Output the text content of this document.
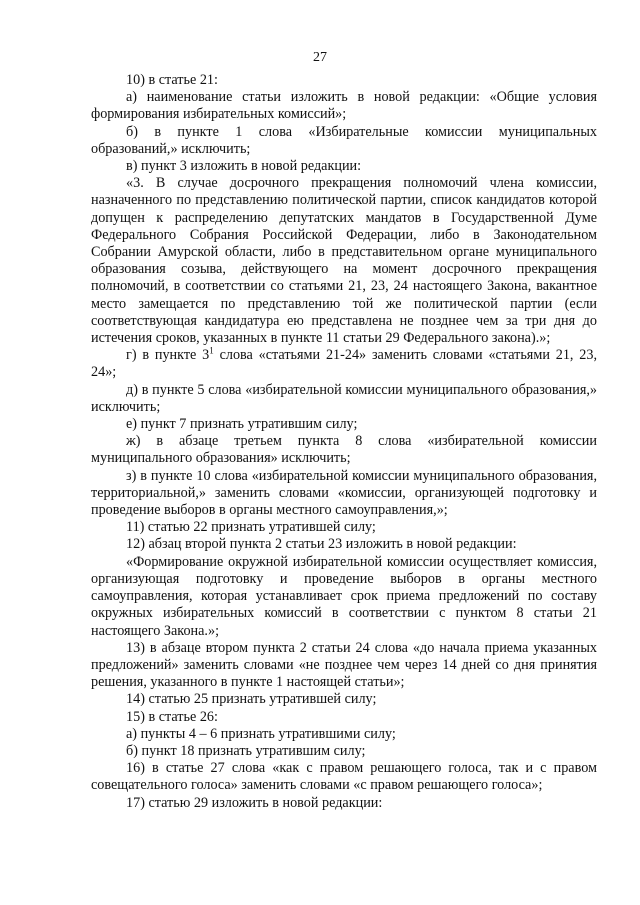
27

10) в статье 21:

а) наименование статьи изложить в новой редакции: «Общие условия формирования избирательных комиссий»;

б) в пункте 1 слова «Избирательные комиссии муниципальных образований,» исключить;

в) пункт 3 изложить в новой редакции:

«3. В случае досрочного прекращения полномочий члена комиссии, назначенного по представлению политической партии, список кандидатов которой допущен к распределению депутатских мандатов в Государственной Думе Федерального Собрания Российской Федерации, либо в Законодательном Собрании Амурской области, либо в представительном органе муниципального образования созыва, действующего на момент досрочного прекращения полномочий, в соответствии со статьями 21, 23, 24 настоящего Закона, вакантное место замещается по представлению той же политической партии (если соответствующая кандидатура ею представлена не позднее чем за три дня до истечения сроков, указанных в пункте 11 статьи 29 Федерального закона).»;

г) в пункте $3^1$ слова «статьями 21-24» заменить словами «статьями 21, 23, 24»;

д) в пункте 5 слова «избирательной комиссии муниципального образования,» исключить;

е) пункт 7 признать утратившим силу;

ж) в абзаце третьем пункта 8 слова «избирательной комиссии муниципального образования» исключить;

з) в пункте 10 слова «избирательной комиссии муниципального образования, территориальной,» заменить словами «комиссии, организующей подготовку и проведение выборов в органы местного самоуправления,»;

11) статью 22 признать утратившей силу;

12) абзац второй пункта 2 статьи 23 изложить в новой редакции:

«Формирование окружной избирательной комиссии осуществляет комиссия, организующая подготовку и проведение выборов в органы местного самоуправления, которая устанавливает срок приема предложений по составу окружных избирательных комиссий в соответствии с пунктом 8 статьи 21 настоящего Закона.»;

13) в абзаце втором пункта 2 статьи 24 слова «до начала приема указанных предложений» заменить словами «не позднее чем через 14 дней со дня принятия решения, указанного в пункте 1 настоящей статьи»;

14) статью 25 признать утратившей силу;

15) в статье 26:

а) пункты 4 – 6 признать утратившими силу;

б) пункт 18 признать утратившим силу;

16) в статье 27 слова «как с правом решающего голоса, так и с правом совещательного голоса» заменить словами «с правом решающего голоса»;

17) статью 29 изложить в новой редакции:
